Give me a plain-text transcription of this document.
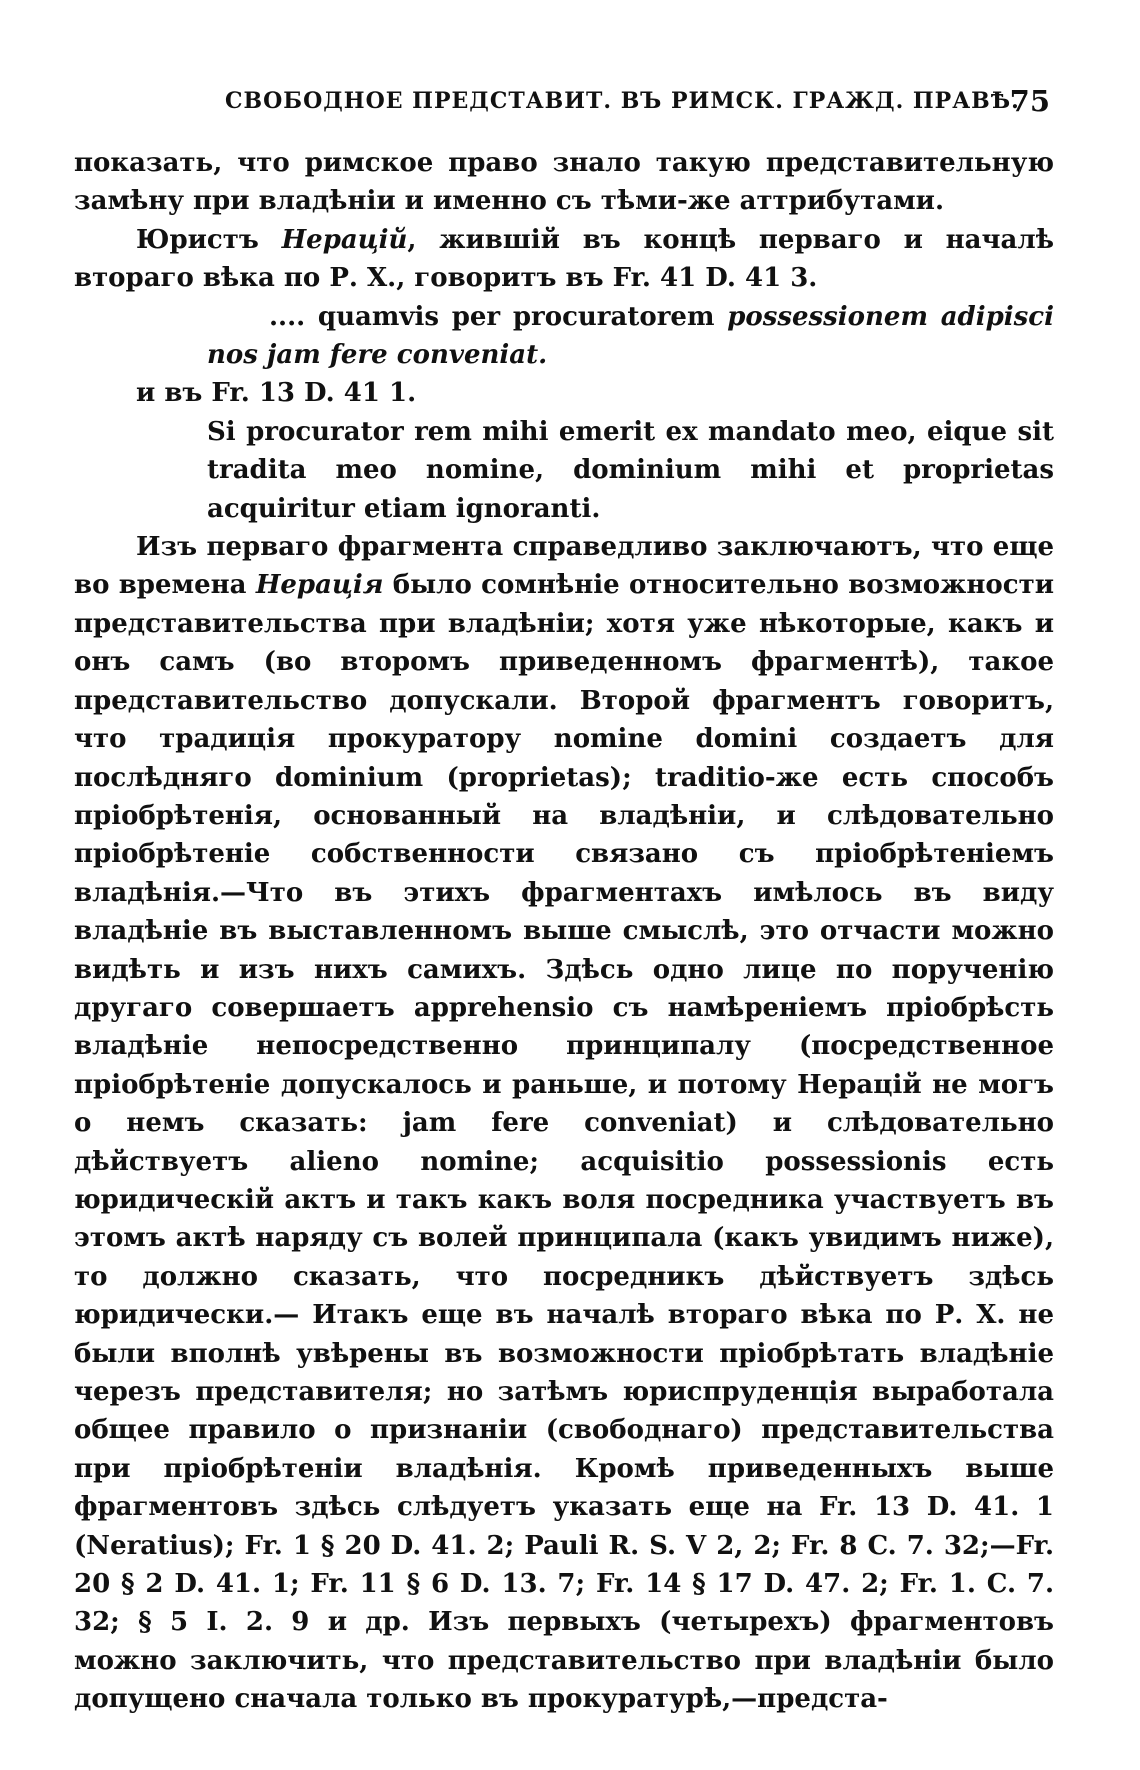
СВОБОДНОЕ ПРЕДСТАВИТ. ВЪ РИМСК. ГРАЖД. ПРАВѢ.
75

показать, что римское право знало такую представительную замѣну при владѣніи и именно съ тѣми-же аттрибутами.

Юристъ Нерацій, жившій въ концѣ перваго и началѣ втораго вѣка по Р. X., говоритъ въ Fr. 41 D. 41 3.

.... quamvis per procuratorem possessionem adipisci nos jam fere conveniat.

и въ Fr. 13 D. 41 1.

Si procurator rem mihi emerit ex mandato meo, eique sit tradita meo nomine, dominium mihi et proprietas acquiritur etiam ignoranti.

Изъ перваго фрагмента справедливо заключаютъ, что еще во времена Нерація было сомнѣніе относительно возможности представительства при владѣніи; хотя уже нѣкоторые, какъ и онъ самъ (во второмъ приведенномъ фрагментѣ), такое представительство допускали. Второй фрагментъ говоритъ, что традиція прокуратору nomine domini создаетъ для послѣдняго dominium (proprietas); traditio-же есть способъ пріобрѣтенія, основанный на владѣніи, и слѣдовательно пріобрѣтеніе собственности связано съ пріобрѣтеніемъ владѣнія.—Что въ этихъ фрагментахъ имѣлось въ виду владѣніе въ выставленномъ выше смыслѣ, это отчасти можно видѣть и изъ нихъ самихъ. Здѣсь одно лице по порученію другаго совершаетъ apprehensio съ намѣреніемъ пріобрѣсть владѣніе непосредственно принципалу (посредственное пріобрѣтеніе допускалось и раньше, и потому Нерацій не могъ о немъ сказать: jam fere conveniat) и слѣдовательно дѣйствуетъ alieno nomine; acquisitio possessionis есть юридическій актъ и такъ какъ воля посредника участвуетъ въ этомъ актѣ наряду съ волей принципала (какъ увидимъ ниже), то должно сказать, что посредникъ дѣйствуетъ здѣсь юридически.— Итакъ еще въ началѣ втораго вѣка по Р. X. не были вполнѣ увѣрены въ возможности пріобрѣтать владѣніе черезъ представителя; но затѣмъ юриспруденція выработала общее правило о признаніи (свободнаго) представительства при пріобрѣтеніи владѣнія. Кромѣ приведенныхъ выше фрагментовъ здѣсь слѣдуетъ указать еще на Fr. 13 D. 41. 1 (Neratius); Fr. 1 § 20 D. 41. 2; Pauli R. S. V 2, 2; Fr. 8 C. 7. 32;—Fr. 20 § 2 D. 41. 1; Fr. 11 § 6 D. 13. 7; Fr. 14 § 17 D. 47. 2; Fr. 1. C. 7. 32; § 5 I. 2. 9 и др. Изъ первыхъ (четырехъ) фрагментовъ можно заключить, что представительство при владѣніи было допущено сначала только въ прокуратурѣ,—предста-
